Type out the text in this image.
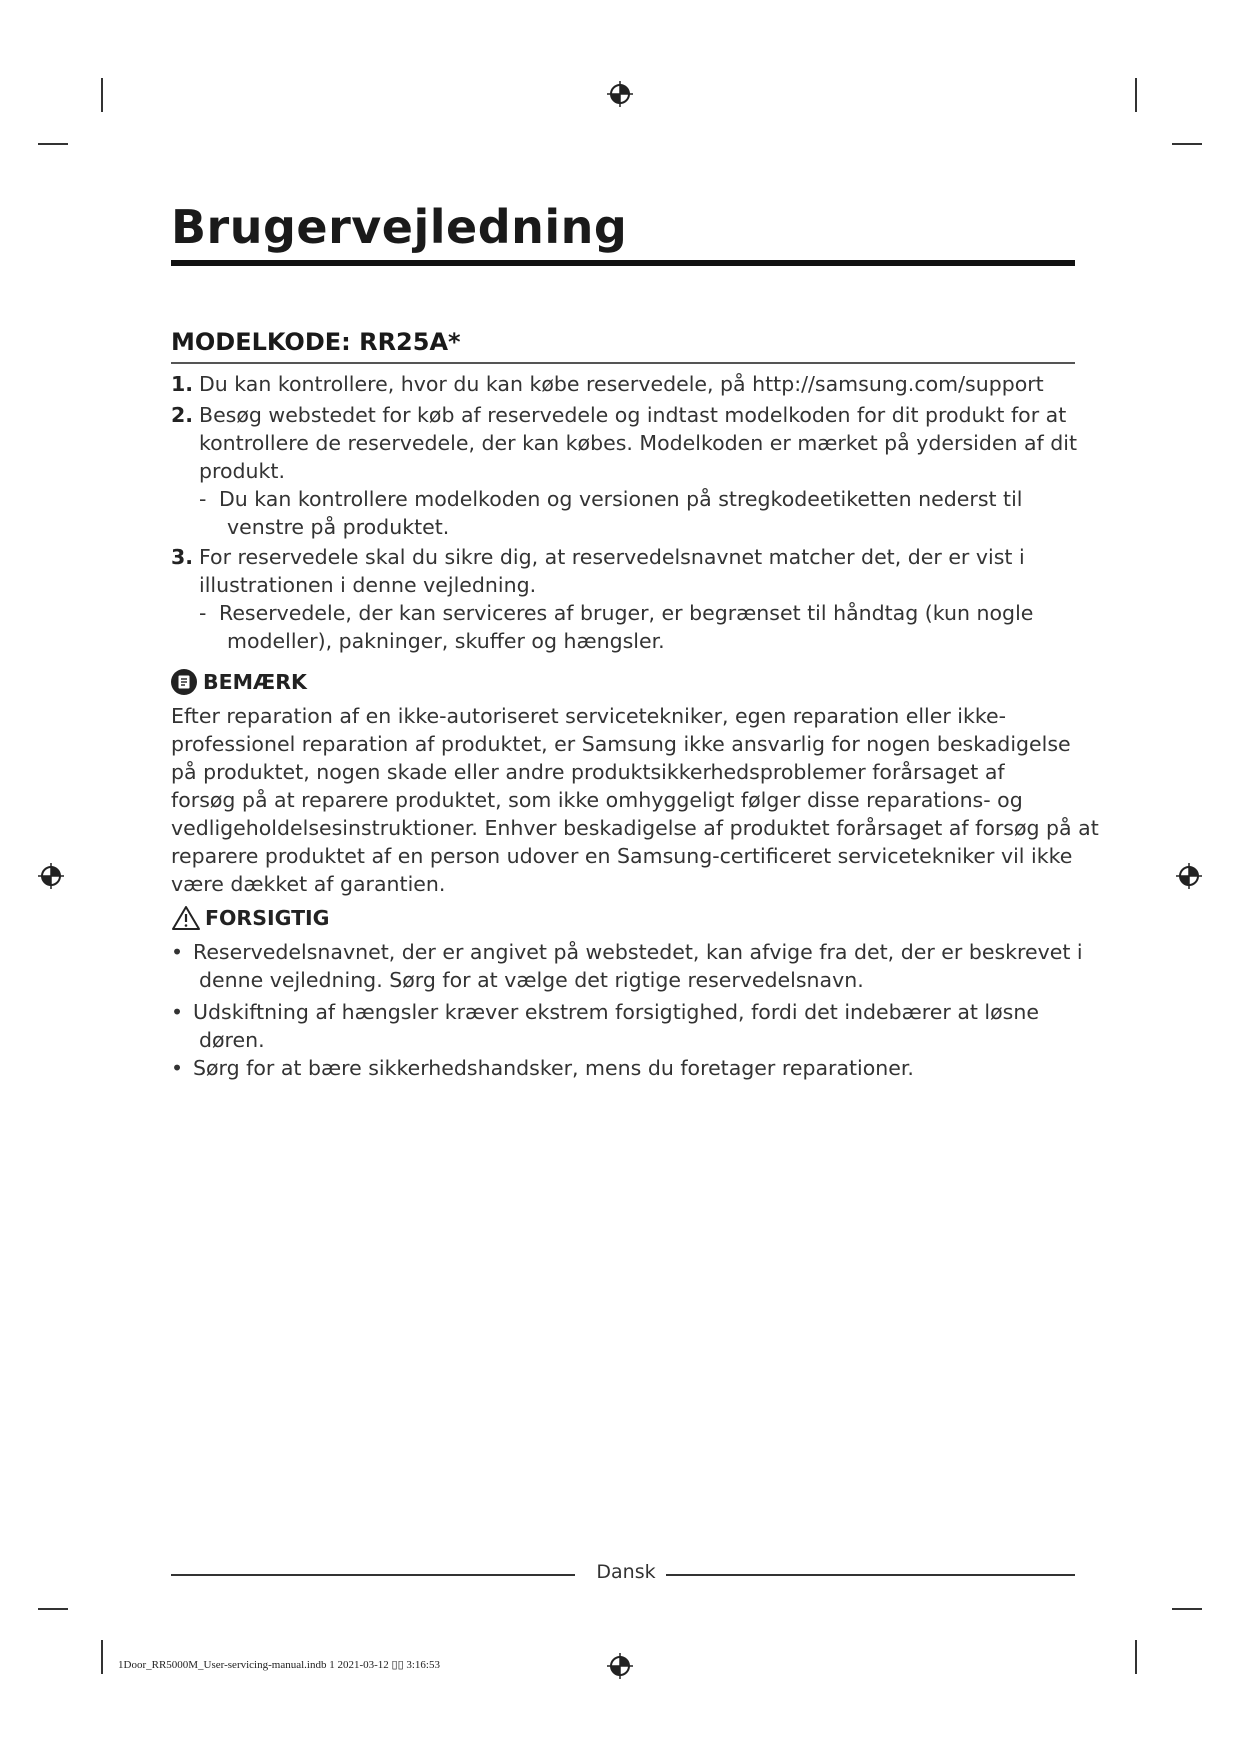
Brugervejledning
MODELKODE: RR25A*
1. Du kan kontrollere, hvor du kan købe reservedele, på http://samsung.com/support
2. Besøg webstedet for køb af reservedele og indtast modelkoden for dit produkt for at
kontrollere de reservedele, der kan købes. Modelkoden er mærket på ydersiden af dit
produkt.
- Du kan kontrollere modelkoden og versionen på stregkodeetiketten nederst til
venstre på produktet.
3. For reservedele skal du sikre dig, at reservedelsnavnet matcher det, der er vist i
illustrationen i denne vejledning.
- Reservedele, der kan serviceres af bruger, er begrænset til håndtag (kun nogle
modeller), pakninger, skuffer og hængsler.
BEMÆRK
Efter reparation af en ikke-autoriseret servicetekniker, egen reparation eller ikke-
professionel reparation af produktet, er Samsung ikke ansvarlig for nogen beskadigelse
på produktet, nogen skade eller andre produktsikkerhedsproblemer forårsaget af
forsøg på at reparere produktet, som ikke omhyggeligt følger disse reparations- og
vedligeholdelsesinstruktioner. Enhver beskadigelse af produktet forårsaget af forsøg på at
reparere produktet af en person udover en Samsung-certificeret servicetekniker vil ikke
være dækket af garantien.
FORSIGTIG
• Reservedelsnavnet, der er angivet på webstedet, kan afvige fra det, der er beskrevet i
denne vejledning. Sørg for at vælge det rigtige reservedelsnavn.
• Udskiftning af hængsler kræver ekstrem forsigtighed, fordi det indebærer at løsne
døren.
• Sørg for at bære sikkerhedshandsker, mens du foretager reparationer.
Dansk
1Door_RR5000M_User-servicing-manual.indb 1 2021-03-12 ▯▯ 3:16:53
